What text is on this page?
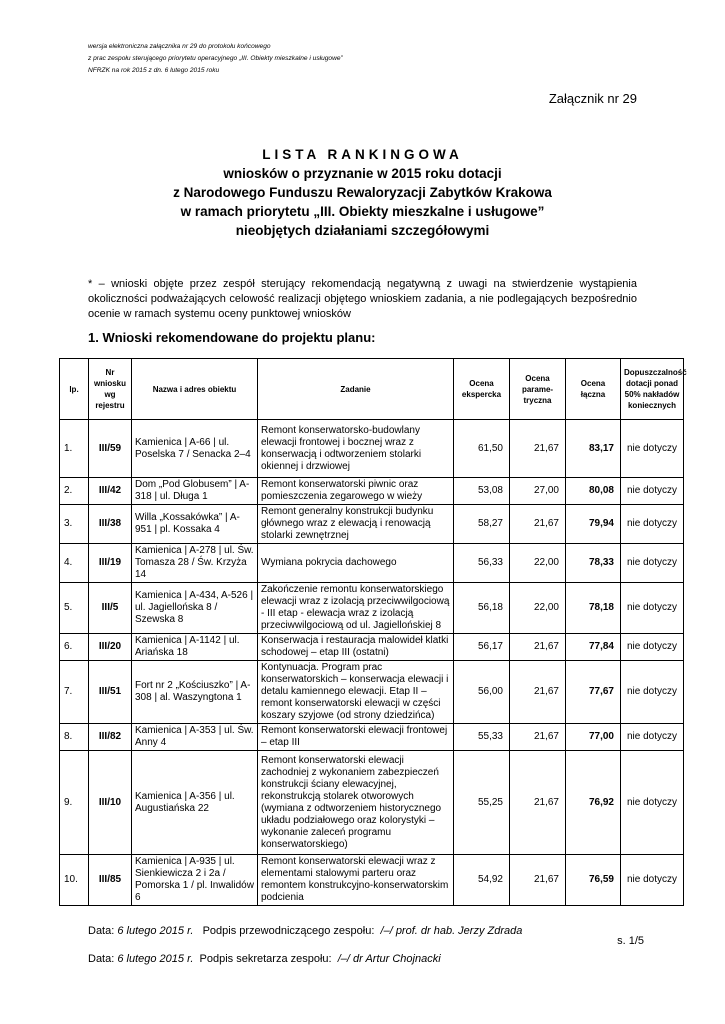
wersja elektroniczna załącznika nr 29 do protokołu końcowego
z prac zespołu sterującego priorytetu operacyjnego „III. Obiekty mieszkalne i usługowe”
NFRZK na rok 2015 z dn. 6 lutego 2015 roku
Załącznik nr 29
LISTA RANKINGOWA
wniosków o przyznanie w 2015 roku dotacji
z Narodowego Funduszu Rewaloryzacji Zabytków Krakowa
w ramach priorytetu „III. Obiekty mieszkalne i usługowe”
nieobjętych działaniami szczegółowymi
* – wnioski objęte przez zespół sterujący rekomendacją negatywną z uwagi na stwierdzenie wystąpienia okoliczności podważających celowość realizacji objętego wnioskiem zadania, a nie podlegających bezpośrednio ocenie w ramach systemu oceny punktowej wniosków
1. Wnioski rekomendowane do projektu planu:
lp.	Nr wniosku wg rejestru	Nazwa i adres obiektu	Zadanie	Ocena ekspercka	Ocena parame-tryczna	Ocena łączna	Dopuszczalność dotacji ponad 50% nakładów koniecznych
1.	III/59	Kamienica | A-66 | ul. Poselska 7 / Senacka 2–4	Remont konserwatorsko-budowlany elewacji frontowej i bocznej wraz z konserwacją i odtworzeniem stolarki okiennej i drzwiowej	61,50	21,67	83,17	nie dotyczy
2.	III/42	Dom „Pod Globusem” | A-318 | ul. Długa 1	Remont konserwatorski piwnic oraz pomieszczenia zegarowego w wieży	53,08	27,00	80,08	nie dotyczy
3.	III/38	Willa „Kossakówka” | A-951 | pl. Kossaka 4	Remont generalny konstrukcji budynku głównego wraz z elewacją i renowacją stolarki zewnętrznej	58,27	21,67	79,94	nie dotyczy
4.	III/19	Kamienica | A-278 | ul. Św. Tomasza 28 / Św. Krzyża 14	Wymiana pokrycia dachowego	56,33	22,00	78,33	nie dotyczy
5.	III/5	Kamienica | A-434, A-526 | ul. Jagiellońska 8 / Szewska 8	Zakończenie remontu konserwatorskiego elewacji wraz z izolacją przeciwwilgociową - III etap - elewacja wraz z izolacją przeciwwilgociową od ul. Jagiellońskiej 8	56,18	22,00	78,18	nie dotyczy
6.	III/20	Kamienica | A-1142 | ul. Ariańska 18	Konserwacja i restauracja malowideł klatki schodowej – etap III (ostatni)	56,17	21,67	77,84	nie dotyczy
7.	III/51	Fort nr 2 „Kościuszko” | A-308 | al. Waszyngtona 1	Kontynuacja. Program prac konserwatorskich – konserwacja elewacji i detalu kamiennego elewacji. Etap II – remont konserwatorski elewacji w części koszary szyjowe (od strony dziedzińca)	56,00	21,67	77,67	nie dotyczy
8.	III/82	Kamienica | A-353 | ul. Św. Anny 4	Remont konserwatorski elewacji frontowej – etap III	55,33	21,67	77,00	nie dotyczy
9.	III/10	Kamienica | A-356 | ul. Augustiańska 22	Remont konserwatorski elewacji zachodniej z wykonaniem zabezpieczeń konstrukcji ściany elewacyjnej, rekonstrukcją stolarek otworowych (wymiana z odtworzeniem historycznego układu podziałowego oraz kolorystyki – wykonanie zaleceń programu konserwatorskiego)	55,25	21,67	76,92	nie dotyczy
10.	III/85	Kamienica | A-935 | ul. Sienkiewicza 2 i 2a / Pomorska 1 / pl. Inwalidów 6	Remont konserwatorski elewacji wraz z elementami stalowymi parteru oraz remontem konstrukcyjno-konserwatorskim podcienia	54,92	21,67	76,59	nie dotyczy
Data: 6 lutego 2015 r. Podpis przewodniczącego zespołu: /–/ prof. dr hab. Jerzy Zdrada
s. 1/5
Data: 6 lutego 2015 r. Podpis sekretarza zespołu: /–/ dr Artur Chojnacki
